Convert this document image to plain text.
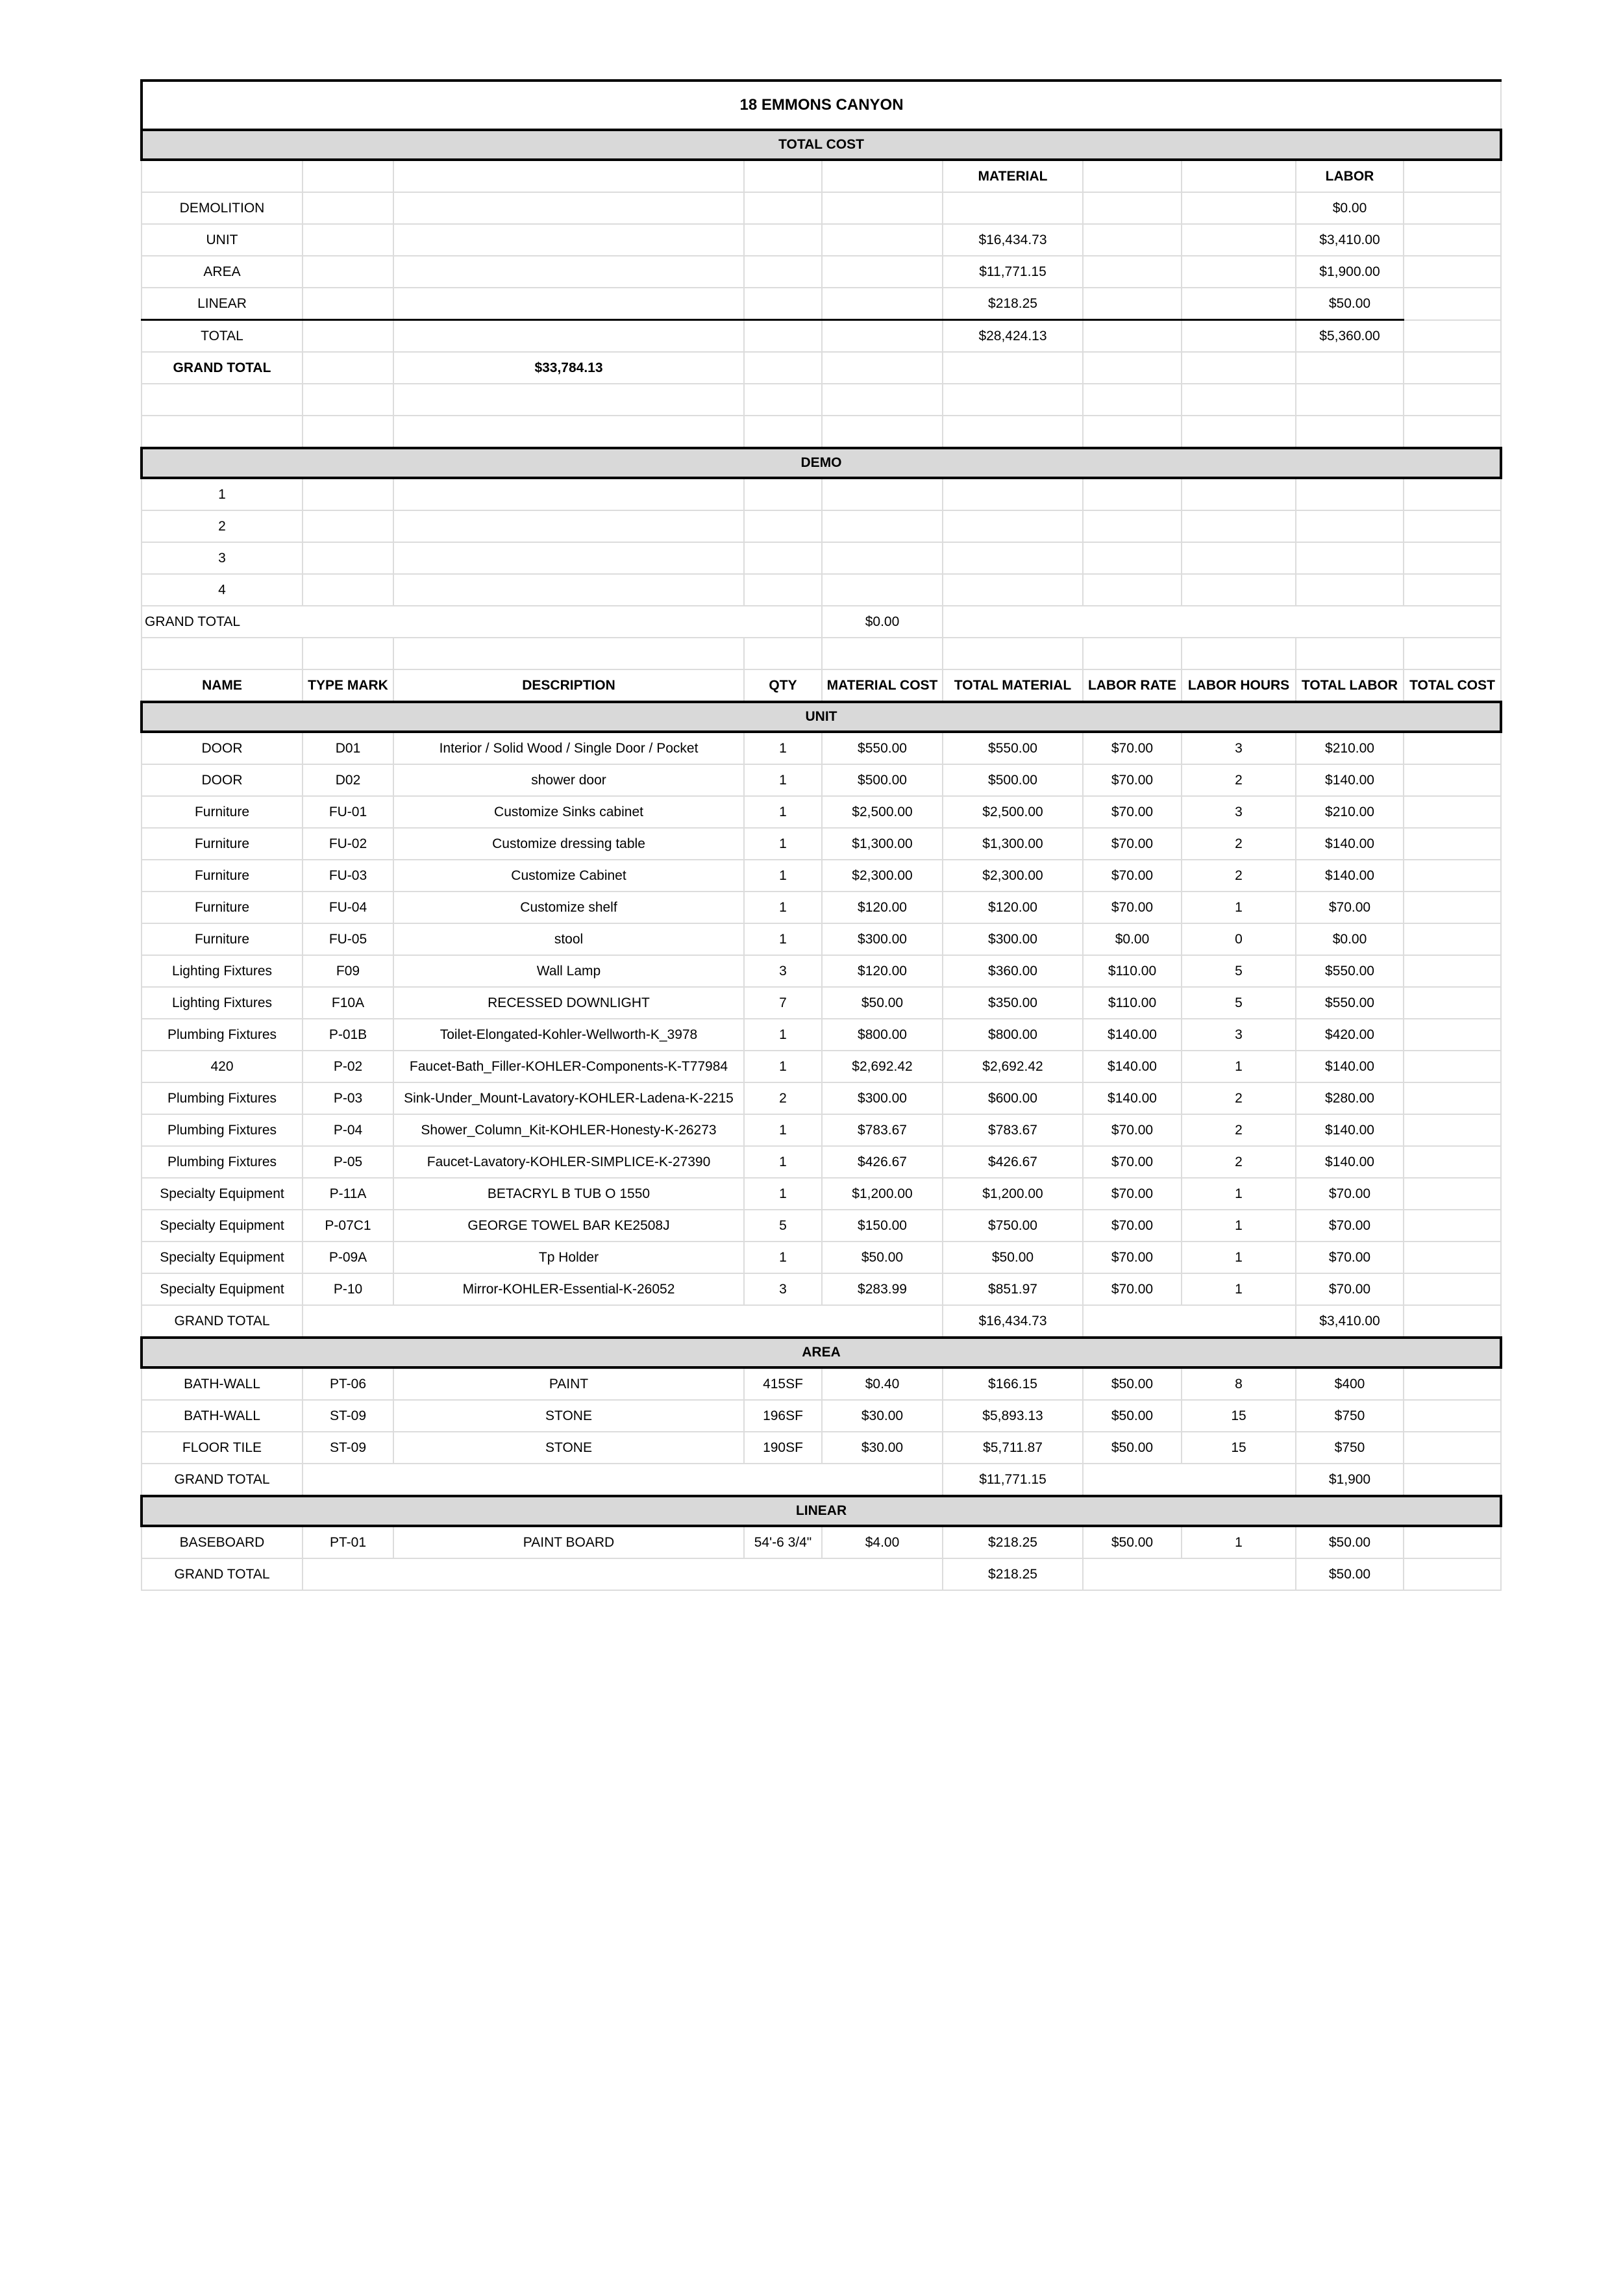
18 EMMONS CANYON									
TOTAL COST									
					MATERIAL			LABOR	
DEMOLITION								$0.00	
UNIT					$16,434.73			$3,410.00	
AREA					$11,771.15			$1,900.00	
LINEAR					$218.25			$50.00	
TOTAL					$28,424.13			$5,360.00	
GRAND TOTAL		$33,784.13							

DEMO									
1									
2									
3									
4									
GRAND TOTAL				$0.00					

NAME	TYPE MARK	DESCRIPTION	QTY	MATERIAL COST	TOTAL MATERIAL	LABOR RATE	LABOR HOURS	TOTAL LABOR	TOTAL COST
UNIT									
DOOR	D01	Interior / Solid Wood / Single Door / Pocket	1	$550.00	$550.00	$70.00	3	$210.00	
DOOR	D02	shower door	1	$500.00	$500.00	$70.00	2	$140.00	
Furniture	FU-01	Customize Sinks cabinet	1	$2,500.00	$2,500.00	$70.00	3	$210.00	
Furniture	FU-02	Customize dressing table	1	$1,300.00	$1,300.00	$70.00	2	$140.00	
Furniture	FU-03	Customize Cabinet	1	$2,300.00	$2,300.00	$70.00	2	$140.00	
Furniture	FU-04	Customize shelf	1	$120.00	$120.00	$70.00	1	$70.00	
Furniture	FU-05	stool	1	$300.00	$300.00	$0.00	0	$0.00	
Lighting Fixtures	F09	Wall Lamp	3	$120.00	$360.00	$110.00	5	$550.00	
Lighting Fixtures	F10A	RECESSED DOWNLIGHT	7	$50.00	$350.00	$110.00	5	$550.00	
Plumbing Fixtures	P-01B	Toilet-Elongated-Kohler-Wellworth-K_3978	1	$800.00	$800.00	$140.00	3	$420.00	
420	P-02	Faucet-Bath_Filler-KOHLER-Components-K-T77984	1	$2,692.42	$2,692.42	$140.00	1	$140.00	
Plumbing Fixtures	P-03	Sink-Under_Mount-Lavatory-KOHLER-Ladena-K-2215	2	$300.00	$600.00	$140.00	2	$280.00	
Plumbing Fixtures	P-04	Shower_Column_Kit-KOHLER-Honesty-K-26273	1	$783.67	$783.67	$70.00	2	$140.00	
Plumbing Fixtures	P-05	Faucet-Lavatory-KOHLER-SIMPLICE-K-27390	1	$426.67	$426.67	$70.00	2	$140.00	
Specialty Equipment	P-11A	BETACRYL B TUB O 1550	1	$1,200.00	$1,200.00	$70.00	1	$70.00	
Specialty Equipment	P-07C1	GEORGE TOWEL BAR KE2508J	5	$150.00	$750.00	$70.00	1	$70.00	
Specialty Equipment	P-09A	Tp Holder	1	$50.00	$50.00	$70.00	1	$70.00	
Specialty Equipment	P-10	Mirror-KOHLER-Essential-K-26052	3	$283.99	$851.97	$70.00	1	$70.00	
GRAND TOTAL					$16,434.73			$3,410.00	
AREA									
BATH-WALL	PT-06	PAINT	415SF	$0.40	$166.15	$50.00	8	$400	
BATH-WALL	ST-09	STONE	196SF	$30.00	$5,893.13	$50.00	15	$750	
FLOOR TILE	ST-09	STONE	190SF	$30.00	$5,711.87	$50.00	15	$750	
GRAND TOTAL					$11,771.15			$1,900	
LINEAR									
BASEBOARD	PT-01	PAINT BOARD	54'-6 3/4"	$4.00	$218.25	$50.00	1	$50.00	
GRAND TOTAL					$218.25			$50.00	
